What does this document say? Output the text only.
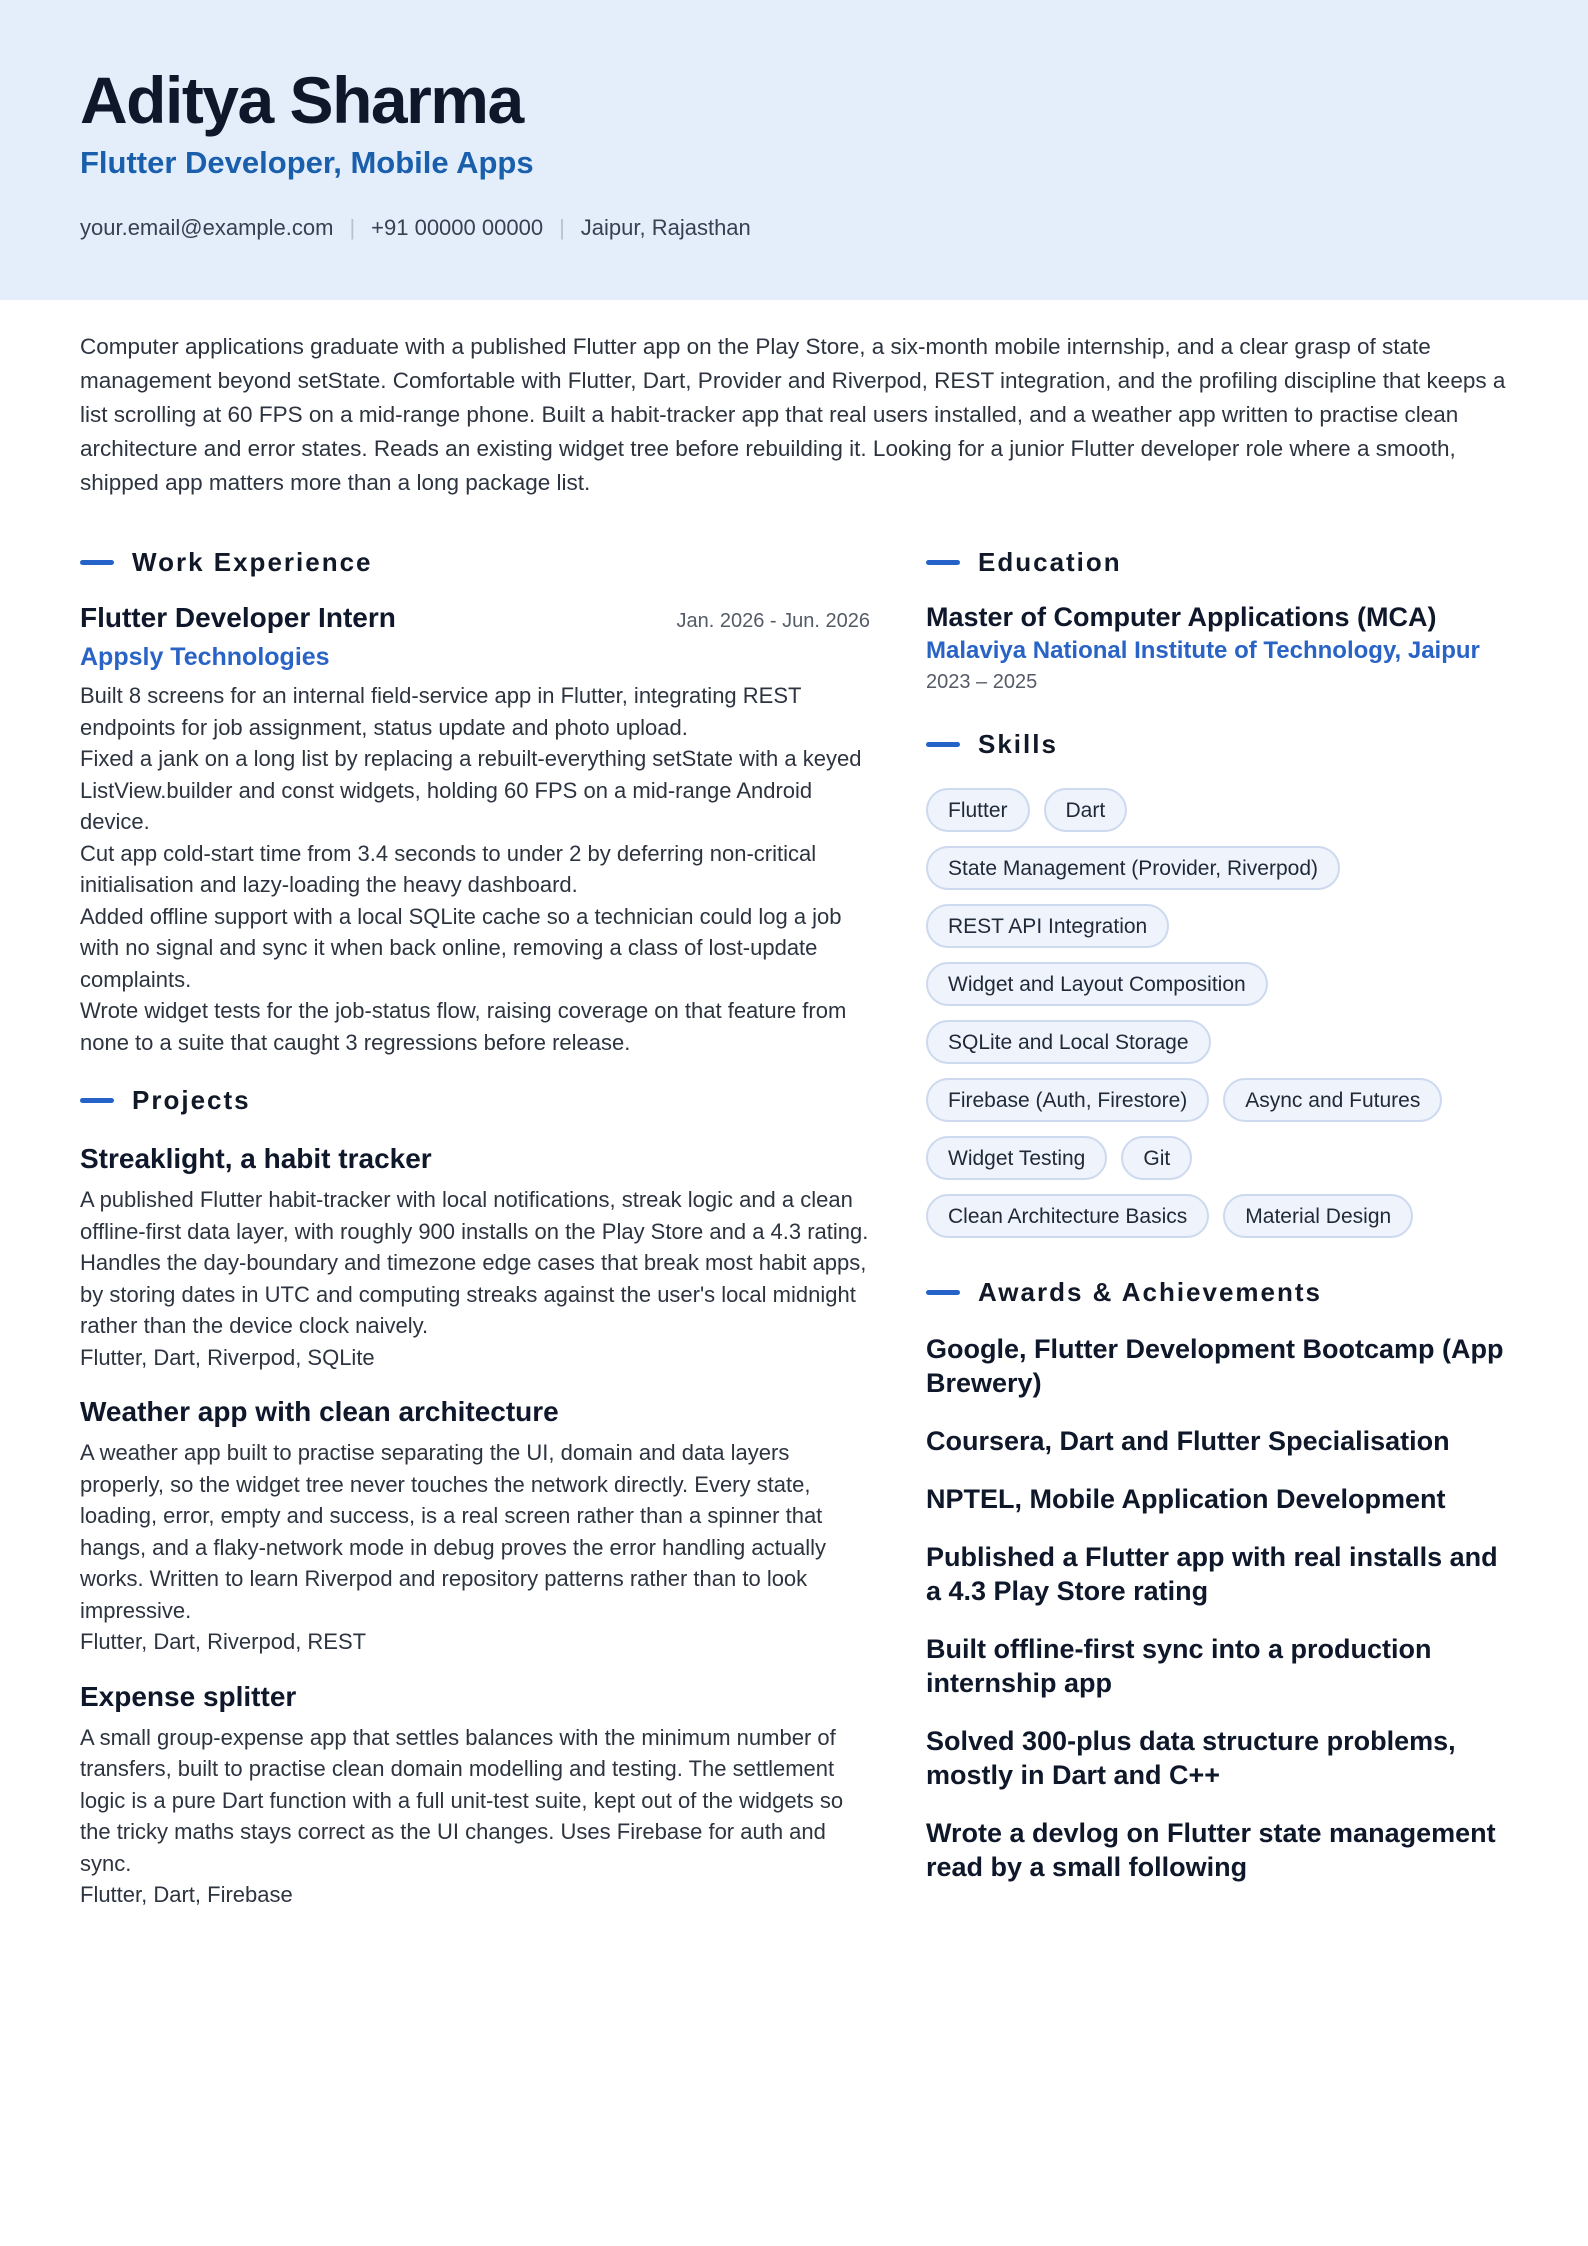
Aditya Sharma
Flutter Developer, Mobile Apps
your.email@example.com | +91 00000 00000 | Jaipur, Rajasthan

Computer applications graduate with a published Flutter app on the Play Store, a six-month mobile internship, and a clear grasp of state management beyond setState. Comfortable with Flutter, Dart, Provider and Riverpod, REST integration, and the profiling discipline that keeps a list scrolling at 60 FPS on a mid-range phone. Built a habit-tracker app that real users installed, and a weather app written to practise clean architecture and error states. Reads an existing widget tree before rebuilding it. Looking for a junior Flutter developer role where a smooth, shipped app matters more than a long package list.

Work Experience
Flutter Developer Intern	Jan. 2026 - Jun. 2026
Appsly Technologies

Built 8 screens for an internal field-service app in Flutter, integrating REST endpoints for job assignment, status update and photo upload.

Fixed a jank on a long list by replacing a rebuilt-everything setState with a keyed ListView.builder and const widgets, holding 60 FPS on a mid-range Android device.

Cut app cold-start time from 3.4 seconds to under 2 by deferring non-critical initialisation and lazy-loading the heavy dashboard.

Added offline support with a local SQLite cache so a technician could log a job with no signal and sync it when back online, removing a class of lost-update complaints.

Wrote widget tests for the job-status flow, raising coverage on that feature from none to a suite that caught 3 regressions before release.

Projects
Streaklight, a habit tracker

A published Flutter habit-tracker with local notifications, streak logic and a clean offline-first data layer, with roughly 900 installs on the Play Store and a 4.3 rating. Handles the day-boundary and timezone edge cases that break most habit apps, by storing dates in UTC and computing streaks against the user's local midnight rather than the device clock naively.

Flutter, Dart, Riverpod, SQLite

Weather app with clean architecture

A weather app built to practise separating the UI, domain and data layers properly, so the widget tree never touches the network directly. Every state, loading, error, empty and success, is a real screen rather than a spinner that hangs, and a flaky-network mode in debug proves the error handling actually works. Written to learn Riverpod and repository patterns rather than to look impressive.

Flutter, Dart, Riverpod, REST

Expense splitter

A small group-expense app that settles balances with the minimum number of transfers, built to practise clean domain modelling and testing. The settlement logic is a pure Dart function with a full unit-test suite, kept out of the widgets so the tricky maths stays correct as the UI changes. Uses Firebase for auth and sync.

Flutter, Dart, Firebase

Education
Master of Computer Applications (MCA)
Malaviya National Institute of Technology, Jaipur
2023 – 2025
Skills
Flutter	Dart
State Management (Provider, Riverpod)
REST API Integration
Widget and Layout Composition
SQLite and Local Storage
Firebase (Auth, Firestore)	Async and Futures
Widget Testing	Git
Clean Architecture Basics	Material Design
Awards & Achievements
Google, Flutter Development Bootcamp (App Brewery)
Coursera, Dart and Flutter Specialisation
NPTEL, Mobile Application Development
Published a Flutter app with real installs and a 4.3 Play Store rating
Built offline-first sync into a production internship app
Solved 300-plus data structure problems, mostly in Dart and C++
Wrote a devlog on Flutter state management read by a small following
